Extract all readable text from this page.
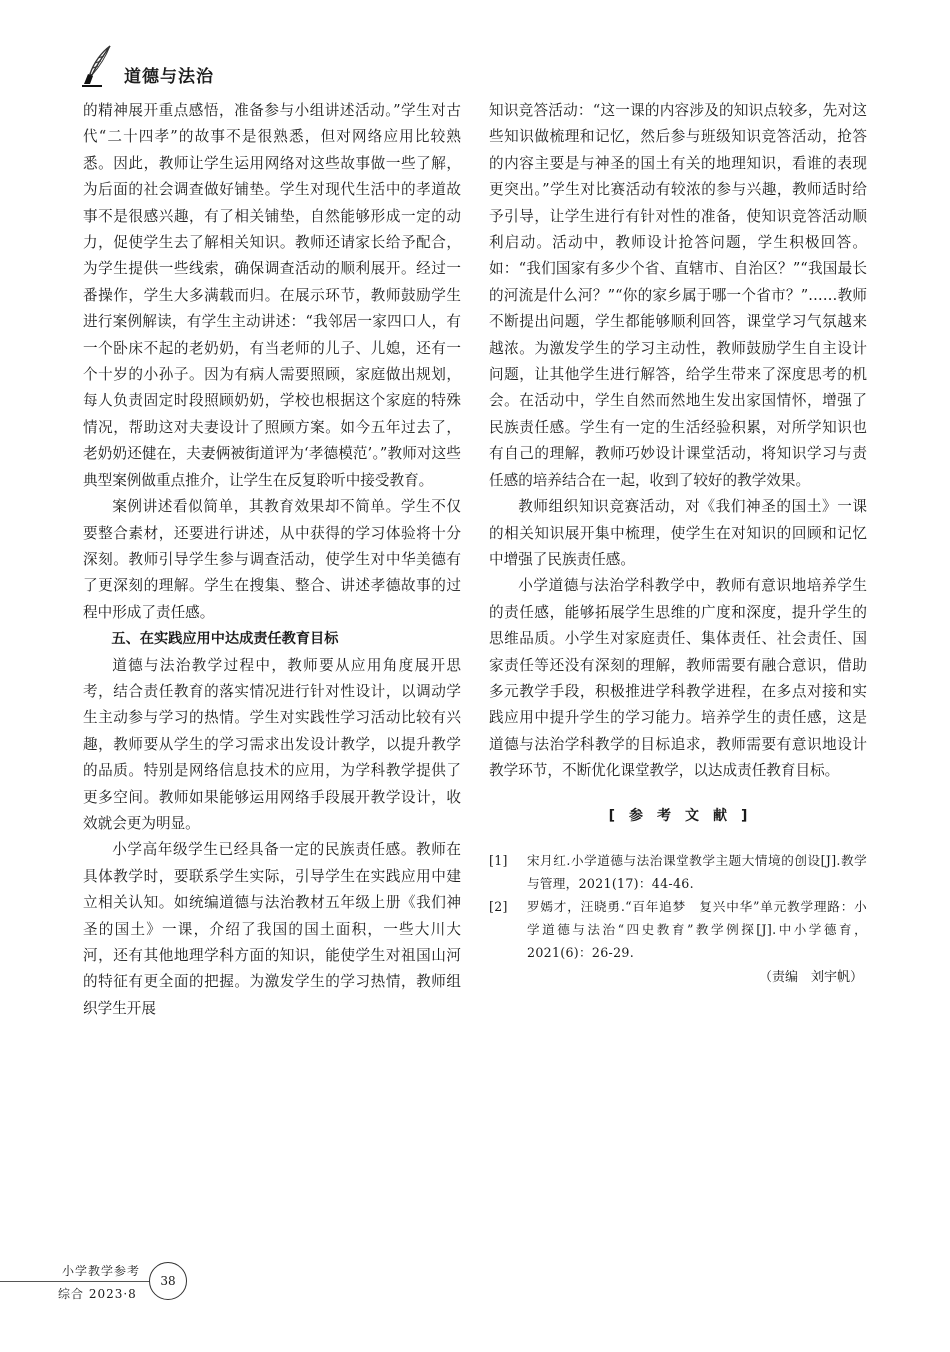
道德与法治

的精神展开重点感悟，准备参与小组讲述活动。”学生对古代“二十四孝”的故事不是很熟悉，但对网络应用比较熟悉。因此，教师让学生运用网络对这些故事做一些了解，为后面的社会调查做好铺垫。学生对现代生活中的孝道故事不是很感兴趣，有了相关铺垫，自然能够形成一定的动力，促使学生去了解相关知识。教师还请家长给予配合，为学生提供一些线索，确保调查活动的顺利展开。经过一番操作，学生大多满载而归。在展示环节，教师鼓励学生进行案例解读，有学生主动讲述：“我邻居一家四口人，有一个卧床不起的老奶奶，有当老师的儿子、儿媳，还有一个十岁的小孙子。因为有病人需要照顾，家庭做出规划，每人负责固定时段照顾奶奶，学校也根据这个家庭的特殊情况，帮助这对夫妻设计了照顾方案。如今五年过去了，老奶奶还健在，夫妻俩被街道评为‘孝德模范’。”教师对这些典型案例做重点推介，让学生在反复聆听中接受教育。

案例讲述看似简单，其教育效果却不简单。学生不仅要整合素材，还要进行讲述，从中获得的学习体验将十分深刻。教师引导学生参与调查活动，使学生对中华美德有了更深刻的理解。学生在搜集、整合、讲述孝德故事的过程中形成了责任感。

五、在实践应用中达成责任教育目标

道德与法治教学过程中，教师要从应用角度展开思考，结合责任教育的落实情况进行针对性设计，以调动学生主动参与学习的热情。学生对实践性学习活动比较有兴趣，教师要从学生的学习需求出发设计教学，以提升教学的品质。特别是网络信息技术的应用，为学科教学提供了更多空间。教师如果能够运用网络手段展开教学设计，收效就会更为明显。

小学高年级学生已经具备一定的民族责任感。教师在具体教学时，要联系学生实际，引导学生在实践应用中建立相关认知。如统编道德与法治教材五年级上册《我们神圣的国土》一课，介绍了我国的国土面积，一些大川大河，还有其他地理学科方面的知识，能使学生对祖国山河的特征有更全面的把握。为激发学生的学习热情，教师组织学生开展

知识竞答活动：“这一课的内容涉及的知识点较多，先对这些知识做梳理和记忆，然后参与班级知识竞答活动，抢答的内容主要是与神圣的国土有关的地理知识，看谁的表现更突出。”学生对比赛活动有较浓的参与兴趣，教师适时给予引导，让学生进行有针对性的准备，使知识竞答活动顺利启动。活动中，教师设计抢答问题，学生积极回答。如：“我们国家有多少个省、直辖市、自治区？”“我国最长的河流是什么河？”“你的家乡属于哪一个省市？”……教师不断提出问题，学生都能够顺利回答，课堂学习气氛越来越浓。为激发学生的学习主动性，教师鼓励学生自主设计问题，让其他学生进行解答，给学生带来了深度思考的机会。在活动中，学生自然而然地生发出家国情怀，增强了民族责任感。学生有一定的生活经验积累，对所学知识也有自己的理解，教师巧妙设计课堂活动，将知识学习与责任感的培养结合在一起，收到了较好的教学效果。

教师组织知识竞赛活动，对《我们神圣的国土》一课的相关知识展开集中梳理，使学生在对知识的回顾和记忆中增强了民族责任感。

小学道德与法治学科教学中，教师有意识地培养学生的责任感，能够拓展学生思维的广度和深度，提升学生的思维品质。小学生对家庭责任、集体责任、社会责任、国家责任等还没有深刻的理解，教师需要有融合意识，借助多元教学手段，积极推进学科教学进程，在多点对接和实践应用中提升学生的学习能力。培养学生的责任感，这是道德与法治学科教学的目标追求，教师需要有意识地设计教学环节，不断优化课堂教学，以达成责任教育目标。

[　参　考　文　献　]
[1]	宋月红.小学道德与法治课堂教学主题大情境的创设[J].教学与管理，2021(17)：44-46.
[2]	罗嫣才，汪晓勇.“百年追梦　复兴中华”单元教学理路：小学道德与法治“四史教育”教学例探[J].中小学德育，2021(6)：26-29.
（责编　刘宇帆）
小学教学参考
综合 2023·8
38
